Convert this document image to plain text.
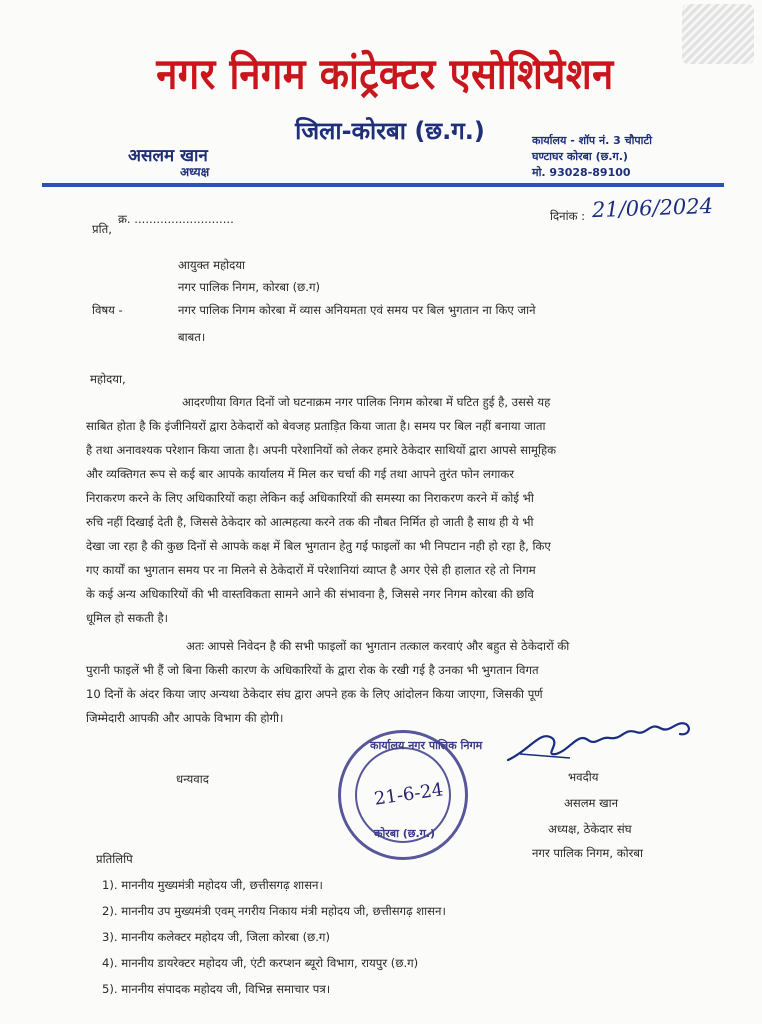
नगर निगम कांट्रेक्टर एसोशियेशन
जिला-कोरबा (छ.ग.)
असलम खान
अध्यक्ष
कार्यालय - शॉप नं. 3 चौपाटी
घण्टाघर कोरबा (छ.ग.)
मो. 93028-89100
क्र. ...........................
प्रति,
दिनांक : 21/06/2024
आयुक्त महोदया
नगर पालिक निगम, कोरबा (छ.ग)
विषय -	नगर पालिक निगम कोरबा में व्यास अनियमता एवं समय पर बिल भुगतान ना किए जाने
बाबत।
महोदया,
आदरणीया विगत दिनों जो घटनाक्रम नगर पालिक निगम कोरबा में घटित हुई है, उससे यह
साबित होता है कि इंजीनियरों द्वारा ठेकेदारों को बेवजह प्रताड़ित किया जाता है। समय पर बिल नहीं बनाया जाता
है तथा अनावश्यक परेशान किया जाता है। अपनी परेशानियों को लेकर हमारे ठेकेदार साथियों द्वारा आपसे सामूहिक
और व्यक्तिगत रूप से कई बार आपके कार्यालय में मिल कर चर्चा की गई तथा आपने तुरंत फोन लगाकर
निराकरण करने के लिए अधिकारियों कहा लेकिन कई अधिकारियों की समस्या का निराकरण करने में कोई भी
रुचि नहीं दिखाई देती है, जिससे ठेकेदार को आत्महत्या करने तक की नौबत निर्मित हो जाती है साथ ही ये भी
देखा जा रहा है की कुछ दिनों से आपके कक्ष में बिल भुगतान हेतु गई फाइलों का भी निपटान नही हो रहा है, किए
गए कार्यों का भुगतान समय पर ना मिलने से ठेकेदारों में परेशानियां व्याप्त है अगर ऐसे ही हालात रहे तो निगम
के कई अन्य अधिकारियों की भी वास्तविकता सामने आने की संभावना है, जिससे नगर निगम कोरबा की छवि
धूमिल हो सकती है।
अतः आपसे निवेदन है की सभी फाइलों का भुगतान तत्काल करवाएं और बहुत से ठेकेदारों की
पुरानी फाइलें भी हैं जो बिना किसी कारण के अधिकारियों के द्वारा रोक के रखी गई है उनका भी भुगतान विगत
10 दिनों के अंदर किया जाए अन्यथा ठेकेदार संघ द्वारा अपने हक के लिए आंदोलन किया जाएगा, जिसकी पूर्ण
जिम्मेदारी आपकी और आपके विभाग की होगी।
धन्यवाद
कार्यालय नगर पालिक निगम
21-6-24
कोरबा (छ.ग.)
भवदीय
असलम खान
अध्यक्ष, ठेकेदार संघ
नगर पालिक निगम, कोरबा
प्रतिलिपि
1). माननीय मुख्यमंत्री महोदय जी, छत्तीसगढ़ शासन।
2). माननीय उप मुख्यमंत्री एवम् नगरीय निकाय मंत्री महोदय जी, छत्तीसगढ़ शासन।
3). माननीय कलेक्टर महोदय जी, जिला कोरबा (छ.ग)
4). माननीय डायरेक्टर महोदय जी, एंटी करप्शन ब्यूरो विभाग, रायपुर (छ.ग)
5). माननीय संपादक महोदय जी, विभिन्न समाचार पत्र।
